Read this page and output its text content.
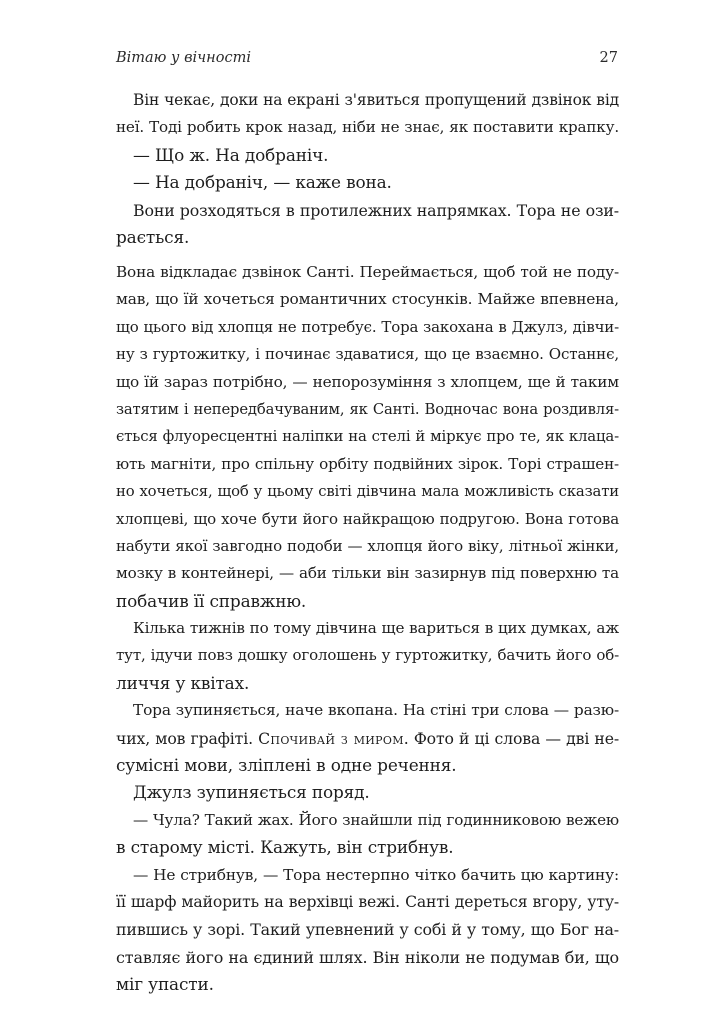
Вітаю у вічності	27
Він чекає, доки на екрані з'явиться пропущений дзвінок від
неї. Тоді робить крок назад, ніби не знає, як поставити крапку.
— Що ж. На добраніч.
— На добраніч, — каже вона.
Вони розходяться в протилежних напрямках. Тора не ози-
рається.
Вона відкладає дзвінок Санті. Переймається, щоб той не поду-
мав, що їй хочеться романтичних стосунків. Майже впевнена,
що цього від хлопця не потребує. Тора закохана в Джулз, дівчи-
ну з гуртожитку, і починає здаватися, що це взаємно. Останнє,
що їй зараз потрібно, — непорозуміння з хлопцем, ще й таким
затятим і непередбачуваним, як Санті. Водночас вона роздивля-
ється флуоресцентні наліпки на стелі й міркує про те, як клаца-
ють магніти, про спільну орбіту подвійних зірок. Торі страшен-
но хочеться, щоб у цьому світі дівчина мала можливість сказати
хлопцеві, що хоче бути його найкращою подругою. Вона готова
набути якої завгодно подоби — хлопця його віку, літньої жінки,
мозку в контейнері, — аби тільки він зазирнув під поверхню та
побачив її справжню.
Кілька тижнів по тому дівчина ще вариться в цих думках, аж
тут, ідучи повз дошку оголошень у гуртожитку, бачить його об-
личчя у квітах.
Тора зупиняється, наче вкопана. На стіні три слова — разю-
чих, мов графіті. Спочивай з миром. Фото й ці слова — дві не-
сумісні мови, зліплені в одне речення.
Джулз зупиняється поряд.
— Чула? Такий жах. Його знайшли під годинниковою вежею
в старому місті. Кажуть, він стрибнув.
— Не стрибнув, — Тора нестерпно чітко бачить цю картину:
її шарф майорить на верхівці вежі. Санті дереться вгору, уту-
пившись у зорі. Такий упевнений у собі й у тому, що Бог на-
ставляє його на єдиний шлях. Він ніколи не подумав би, що
міг упасти.
